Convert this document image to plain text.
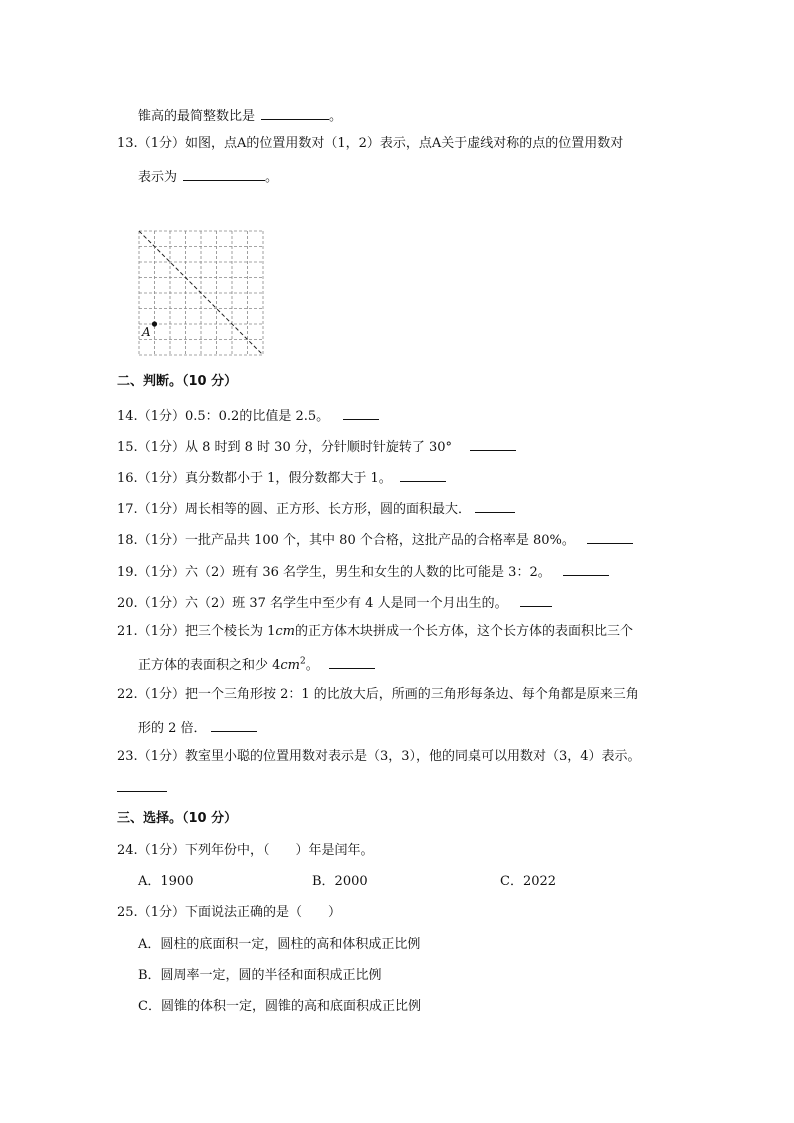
锥高的最简整数比是	。
13.（1分）如图，点A的位置用数对（1，2）表示，点A关于虚线对称的点的位置用数对
表示为	。
A
二、判断。（10 分）
14.（1分）0.5：0.2的比值是 2.5。
15.（1分）从 8 时到 8 时 30 分，分针顺时针旋转了 30°
16.（1分）真分数都小于 1，假分数都大于 1。
17.（1分）周长相等的圆、正方形、长方形，圆的面积最大．
18.（1分）一批产品共 100 个，其中 80 个合格，这批产品的合格率是 80%。
19.（1分）六（2）班有 36 名学生，男生和女生的人数的比可能是 3：2。
20.（1分）六（2）班 37 名学生中至少有 4 人是同一个月出生的。
21.（1分）把三个棱长为 1cm的正方体木块拼成一个长方体，这个长方体的表面积比三个
正方体的表面积之和少 $4cm^2$。
22.（1分）把一个三角形按 2：1 的比放大后，所画的三角形每条边、每个角都是原来三角
形的 2 倍．
23.（1分）教室里小聪的位置用数对表示是（3，3），他的同桌可以用数对（3，4）表示。
三、选择。（10 分）
24.（1分）下列年份中，（　　）年是闰年。
A．1900	B．2000	C．2022
25.（1分）下面说法正确的是（　　）
A．圆柱的底面积一定，圆柱的高和体积成正比例
B．圆周率一定，圆的半径和面积成正比例
C．圆锥的体积一定，圆锥的高和底面积成正比例
